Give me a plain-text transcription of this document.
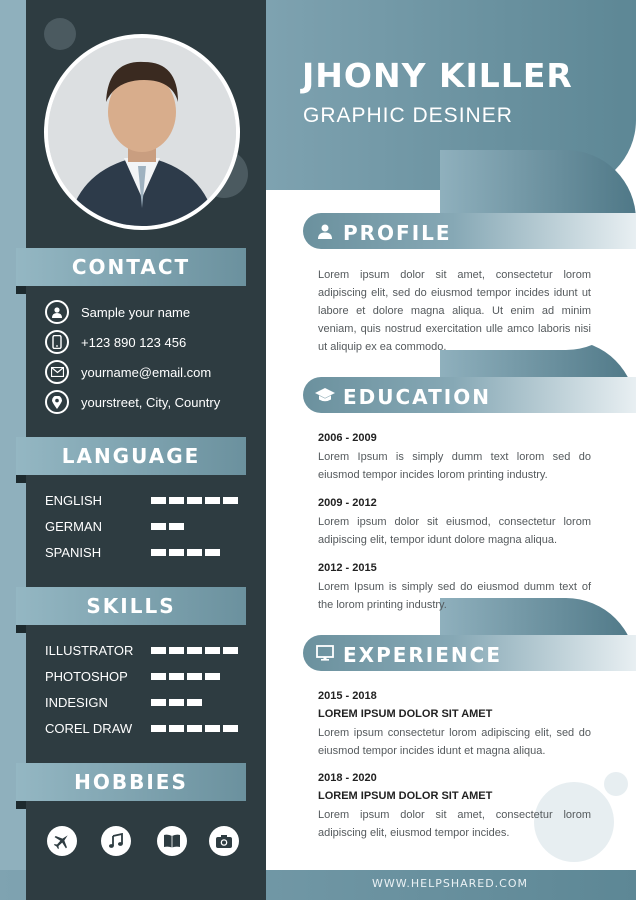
WWW.HELPSHARED.COM
CONTACT
Sample your name
+123 890 123 456
yourname@email.com
yourstreet, City, Country
LANGUAGE
ENGLISH
GERMAN
SPANISH
SKILLS
ILLUSTRATOR
PHOTOSHOP
INDESIGN
COREL DRAW
HOBBIES
JHONY KILLER
GRAPHIC DESINER
PROFILE
Lorem ipsum dolor sit amet, consectetur lorom adipiscing elit, sed do eiusmod tempor incides idunt ut labore et dolore magna aliqua. Ut enim ad minim veniam, quis nostrud exercitation ulle amco laboris nisi ut aliquip ex ea commodo.
EDUCATION
2006 - 2009
Lorem Ipsum is simply dumm text lorom sed do eiusmod tempor incides lorom printing industry.
2009 - 2012
Lorem ipsum dolor sit eiusmod, consectetur lorom adipiscing elit, tempor idunt dolore magna aliqua.
2012 - 2015
Lorem Ipsum is simply sed do eiusmod dumm text of the lorom printing industry.
EXPERIENCE
2015 - 2018
LOREM IPSUM DOLOR SIT AMET
Lorem ipsum consectetur lorom adipiscing elit, sed do eiusmod tempor incides idunt et magna aliqua.
2018 - 2020
LOREM IPSUM DOLOR SIT AMET
Lorem ipsum dolor sit amet, consectetur lorom adipiscing elit, eiusmod tempor incides.
